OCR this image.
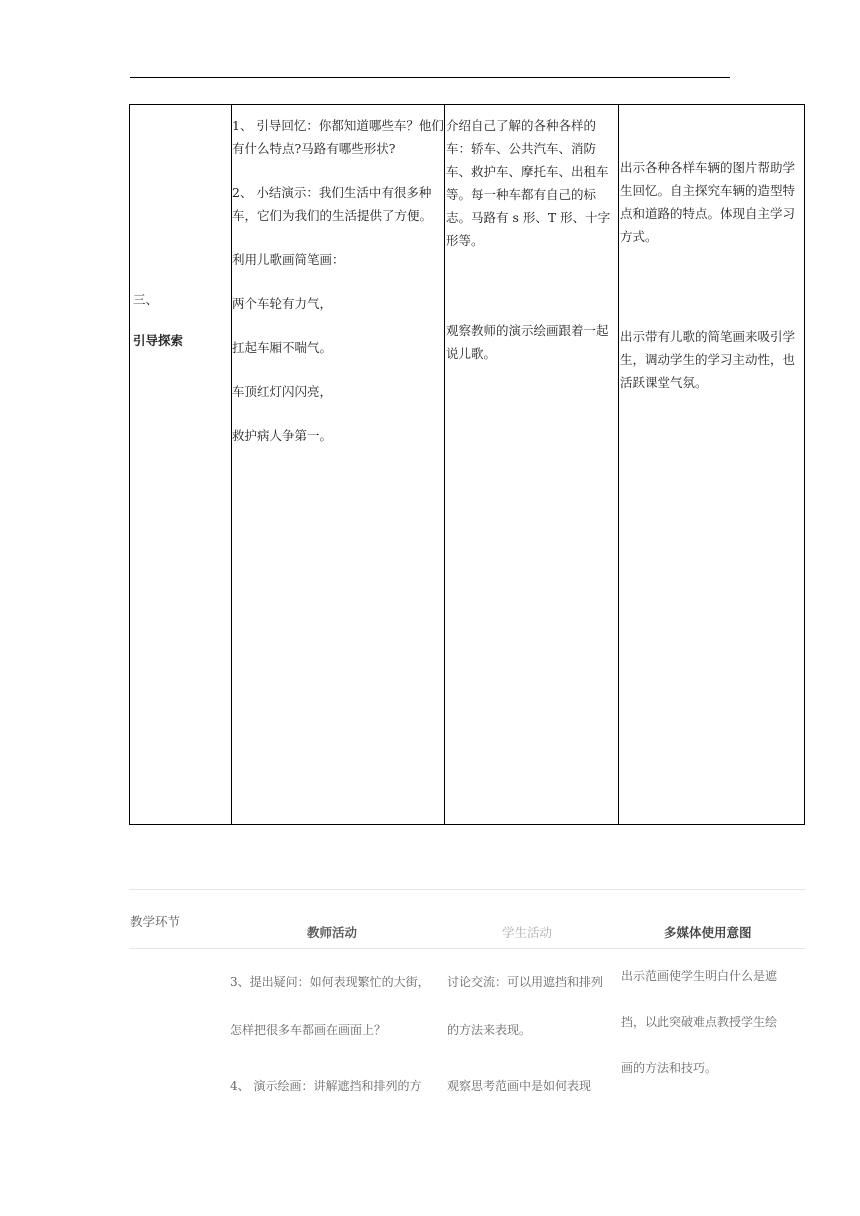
三、
引导探索

1、 引导回忆：你都知道哪些车？他们有什么特点?马路有哪些形状?

2、 小结演示：我们生活中有很多种车，它们为我们的生活提供了方便。

利用儿歌画简笔画：

两个车轮有力气，

扛起车厢不喘气。

车顶红灯闪闪亮，

救护病人争第一。

介绍自己了解的各种各样的车：轿车、公共汽车、消防车、救护车、摩托车、出租车等。每一种车都有自己的标志。马路有 s 形、T 形、十字形等。

观察教师的演示绘画跟着一起说儿歌。

出示各种各样车辆的图片帮助学生回忆。自主探究车辆的造型特点和道路的特点。体现自主学习方式。

出示带有儿歌的简笔画来吸引学生，调动学生的学习主动性，也活跃课堂气氛。

教学环节
教师活动	学生活动	多媒体使用意图

3、提出疑问：如何表现繁忙的大街，

怎样把很多车都画在画面上？

4、 演示绘画：讲解遮挡和排列的方

讨论交流：可以用遮挡和排列

的方法来表现。

观察思考范画中是如何表现

出示范画使学生明白什么是遮

挡，以此突破难点教授学生绘

画的方法和技巧。
